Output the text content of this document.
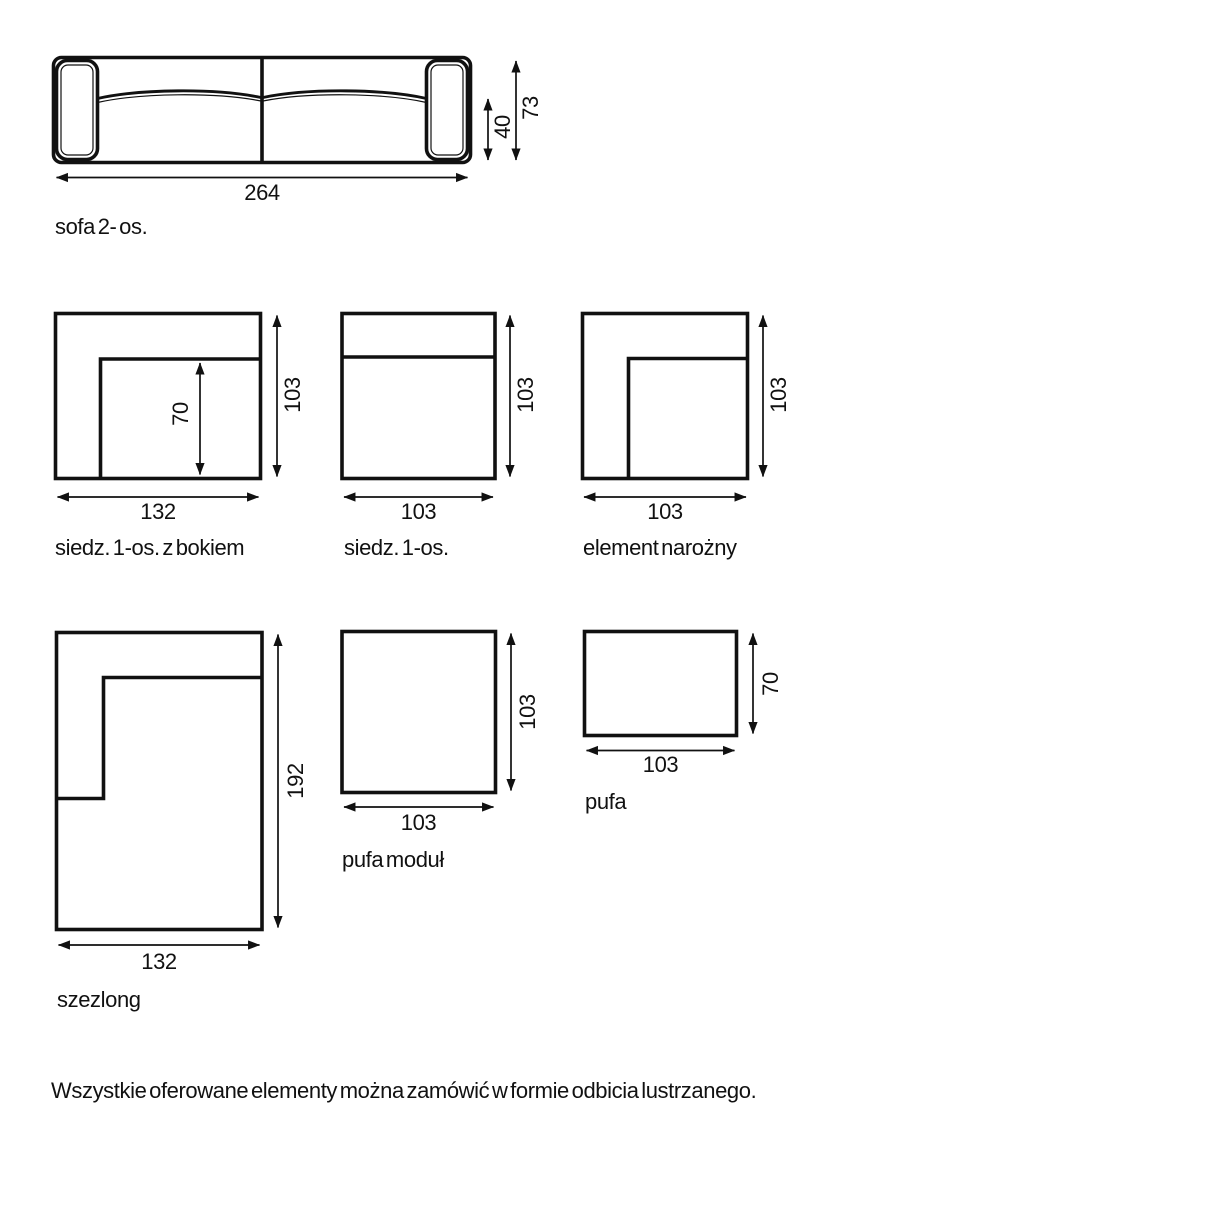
264
40
73
sofa 2- os.
70
132
103
siedz. 1-os. z bokiem
103
103
siedz. 1-os.
103
103
element narożny
192
132
szezlong
103
103
pufa moduł
70
103
pufa
Wszystkie oferowane elementy można zamówić w formie odbicia lustrzanego.
